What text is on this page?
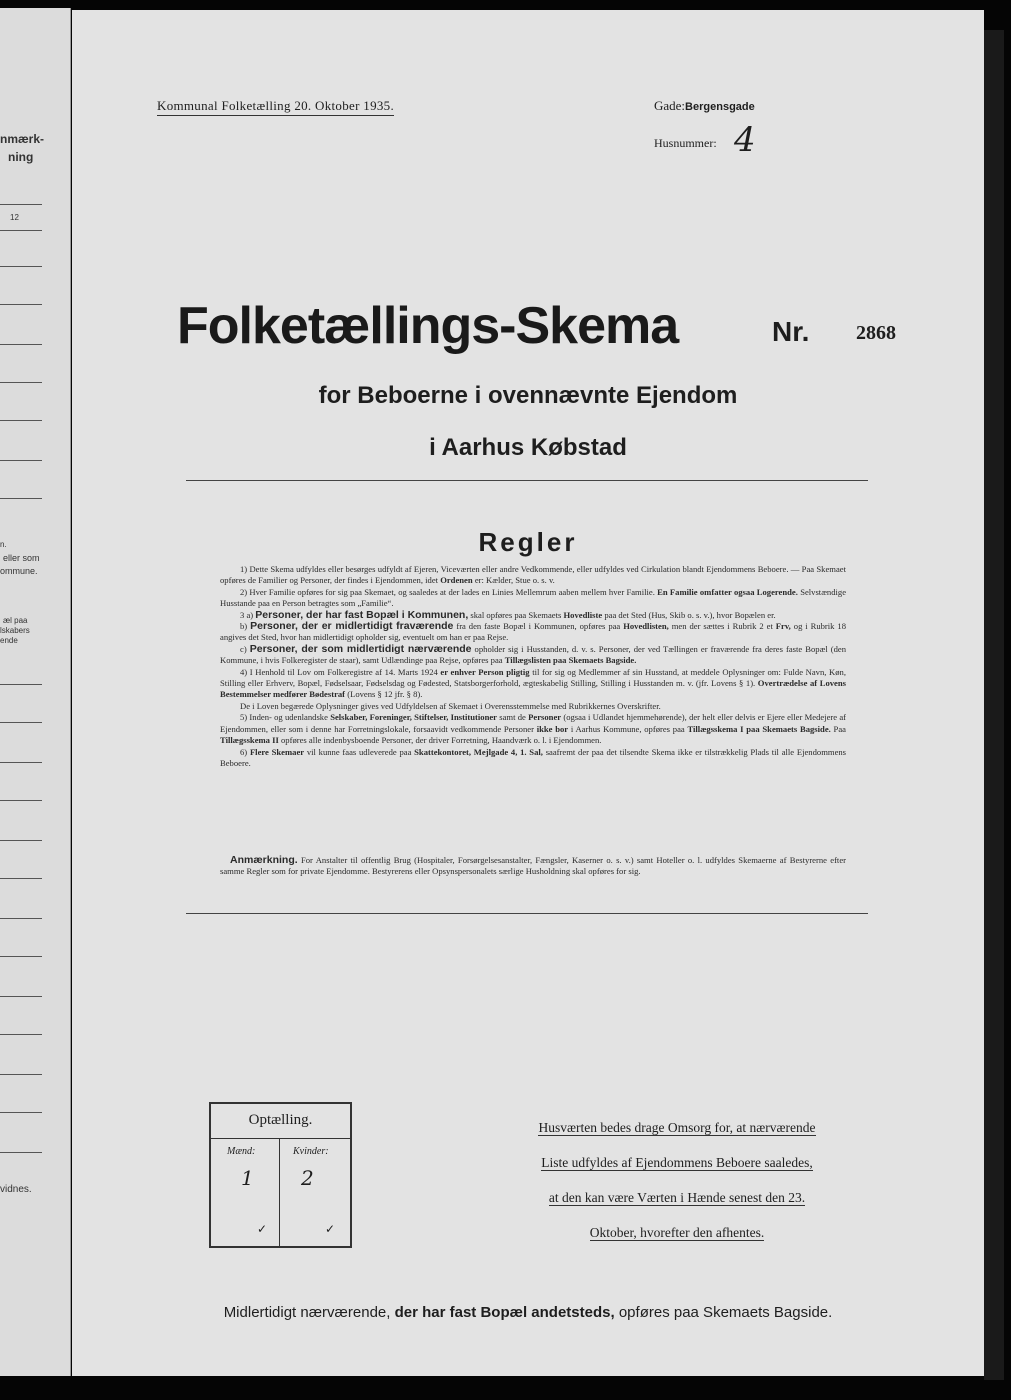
nmærk-
ning
12
n.
eller som
ommune.
æl paa
lskabers
ende
vidnes.
Kommunal Folketælling 20. Oktober 1935.	Gade:Bergensgade
Husnummer: 4
Folketællings-Skema	Nr. 2868
for Beboerne i ovennævnte Ejendom
i Aarhus Købstad
Regler

1) Dette Skema udfyldes eller besørges udfyldt af Ejeren, Viceværten eller andre Vedkommende, eller udfyldes ved Cirkulation blandt Ejendommens Beboere. — Paa Skemaet opføres de Familier og Personer, der findes i Ejendommen, idet Ordenen er: Kælder, Stue o. s. v.

2) Hver Familie opføres for sig paa Skemaet, og saaledes at der lades en Linies Mellemrum aaben mellem hver Familie. En Familie omfatter ogsaa Logerende. Selvstændige Husstande paa en Person betragtes som „Familie“.

3 a) Personer, der har fast Bopæl i Kommunen, skal opføres paa Skemaets Hovedliste paa det Sted (Hus, Skib o. s. v.), hvor Bopælen er.

b) Personer, der er midlertidigt fraværende fra den faste Bopæl i Kommunen, opføres paa Hovedlisten, men der sættes i Rubrik 2 et Frv, og i Rubrik 18 angives det Sted, hvor han midlertidigt opholder sig, eventuelt om han er paa Rejse.

c) Personer, der som midlertidigt nærværende opholder sig i Husstanden, d. v. s. Personer, der ved Tællingen er fraværende fra deres faste Bopæl (den Kommune, i hvis Folkeregister de staar), samt Udlændinge paa Rejse, opføres paa Tillægslisten paa Skemaets Bagside.

4) I Henhold til Lov om Folkeregistre af 14. Marts 1924 er enhver Person pligtig til for sig og Medlemmer af sin Husstand, at meddele Oplysninger om: Fulde Navn, Køn, Stilling eller Erhverv, Bopæl, Fødselsaar, Fødselsdag og Fødested, Statsborgerforhold, ægteskabelig Stilling, Stilling i Husstanden m. v. (jfr. Lovens § 1). Overtrædelse af Lovens Bestemmelser medfører Bødestraf (Lovens § 12 jfr. § 8).

De i Loven begærede Oplysninger gives ved Udfyldelsen af Skemaet i Overensstemmelse med Rubrikkernes Overskrifter.

5) Inden- og udenlandske Selskaber, Foreninger, Stiftelser, Institutioner samt de Personer (ogsaa i Udlandet hjemmehørende), der helt eller delvis er Ejere eller Medejere af Ejendommen, eller som i denne har Forretningslokale, forsaavidt vedkommende Personer ikke bor i Aarhus Kommune, opføres paa Tillægsskema I paa Skemaets Bagside. Paa Tillægsskema II opføres alle indenbysboende Personer, der driver Forretning, Haandværk o. l. i Ejendommen.

6) Flere Skemaer vil kunne faas udleverede paa Skattekontoret, Mejlgade 4, 1. Sal, saafremt der paa det tilsendte Skema ikke er tilstrækkelig Plads til alle Ejendommens Beboere.

Anmærkning. For Anstalter til offentlig Brug (Hospitaler, Forsørgelsesanstalter, Fængsler, Kaserner o. s. v.) samt Hoteller o. l. udfyldes Skemaerne af Bestyrerne efter samme Regler som for private Ejendomme. Bestyrerens eller Opsynspersonalets særlige Husholdning skal opføres for sig.
Optælling.
Mænd:	Kvinder:
1 2
✓	✓
Husværten bedes drage Omsorg for, at nærværende
Liste udfyldes af Ejendommens Beboere saaledes,
at den kan være Værten i Hænde senest den 23.
Oktober, hvorefter den afhentes.
Midlertidigt nærværende, der har fast Bopæl andetsteds, opføres paa Skemaets Bagside.
